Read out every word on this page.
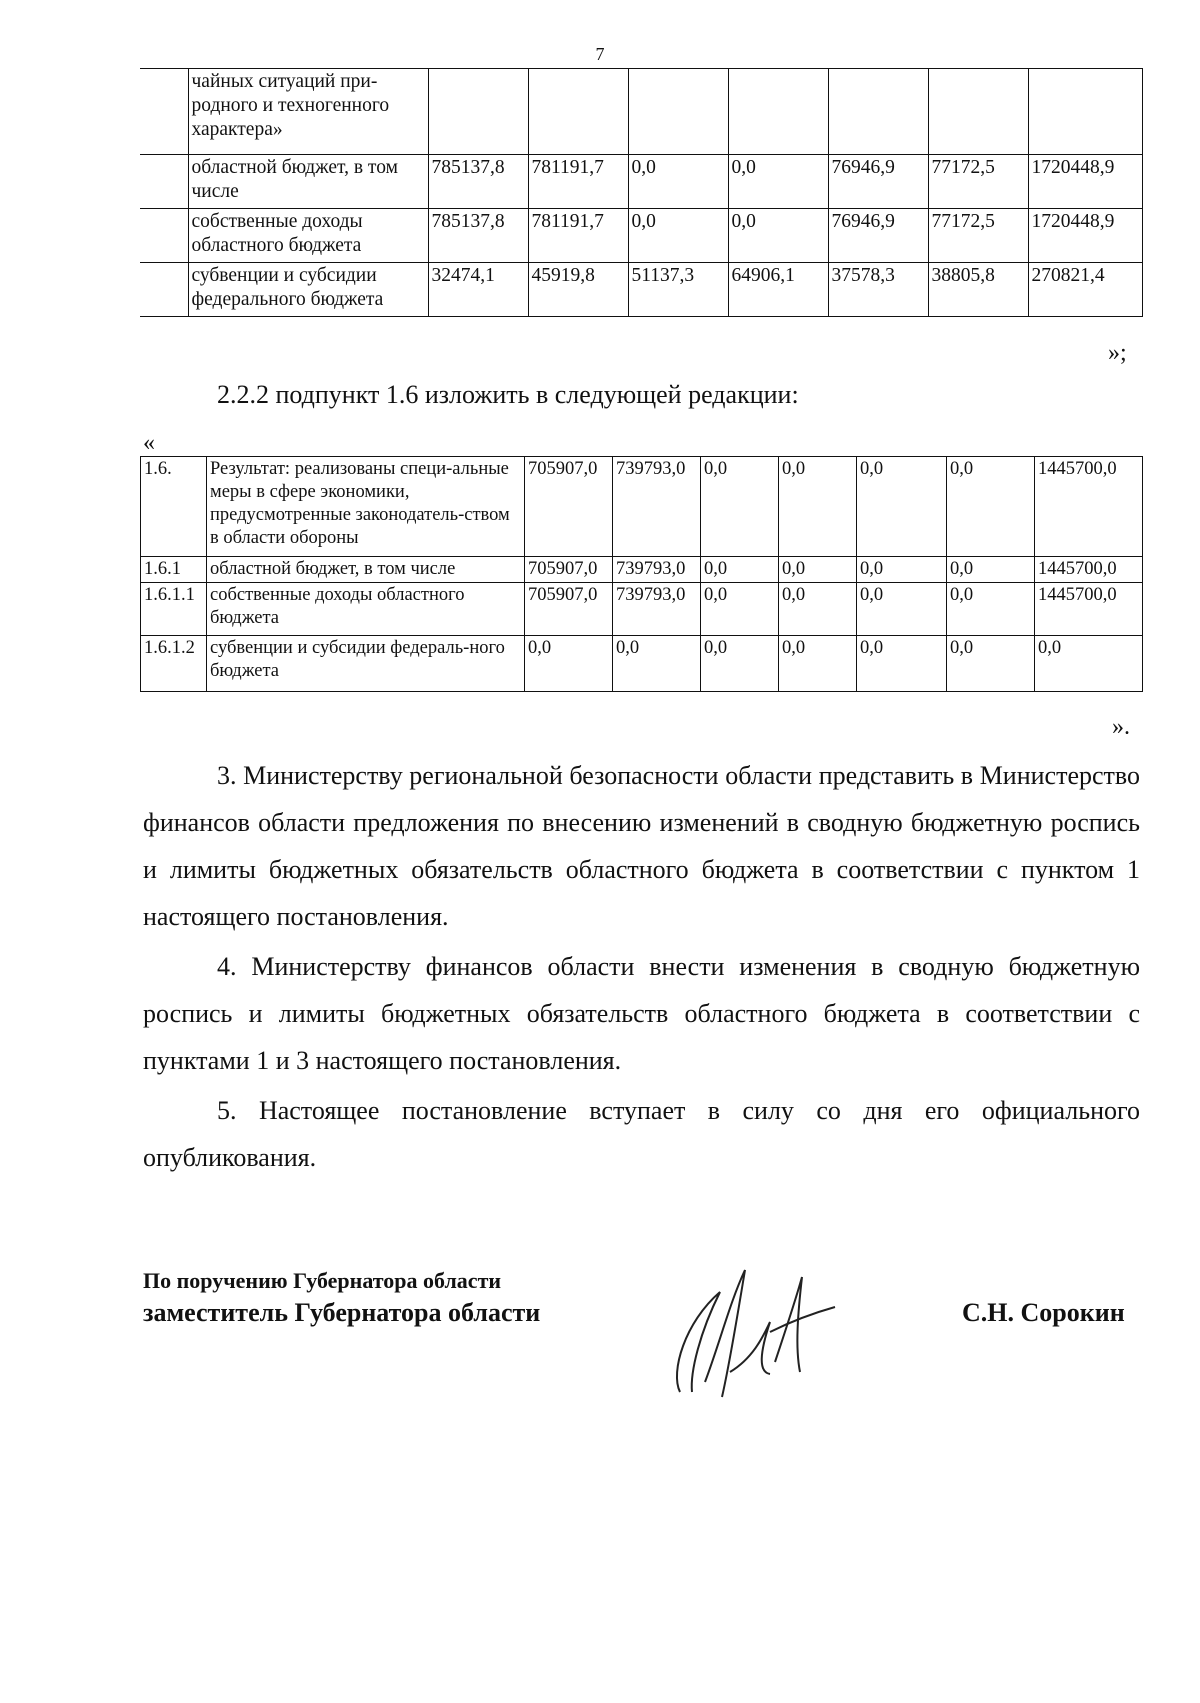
7
	чайных ситуаций при-родного и техногенного характера»							
	областной бюджет, в том числе	785137,8	781191,7	0,0	0,0	76946,9	77172,5	1720448,9
	собственные доходы областного бюджета	785137,8	781191,7	0,0	0,0	76946,9	77172,5	1720448,9
	субвенции и субсидии федерального бюджета	32474,1	45919,8	51137,3	64906,1	37578,3	38805,8	270821,4
»;
2.2.2 подпункт 1.6 изложить в следующей редакции:
«
1.6.	Результат: реализованы специ-альные меры в сфере экономики, предусмотренные законодатель-ством в области обороны	705907,0	739793,0	0,0	0,0	0,0	0,0	1445700,0
1.6.1	областной бюджет, в том числе	705907,0	739793,0	0,0	0,0	0,0	0,0	1445700,0
1.6.1.1	собственные доходы областного бюджета	705907,0	739793,0	0,0	0,0	0,0	0,0	1445700,0
1.6.1.2	субвенции и субсидии федераль-ного бюджета	0,0	0,0	0,0	0,0	0,0	0,0	0,0
».
3. Министерству региональной безопасности области представить в Министерство финансов области предложения по внесению изменений в сводную бюджетную роспись и лимиты бюджетных обязательств областного бюджета в соответствии с пунктом 1 настоящего постановления.
4. Министерству финансов области внести изменения в сводную бюджетную роспись и лимиты бюджетных обязательств областного бюджета в соответствии с пунктами 1 и 3 настоящего постановления.
5. Настоящее постановление вступает в силу со дня его официального опубликования.
По поручению Губернатора области
заместитель Губернатора области	С.Н. Сорокин
